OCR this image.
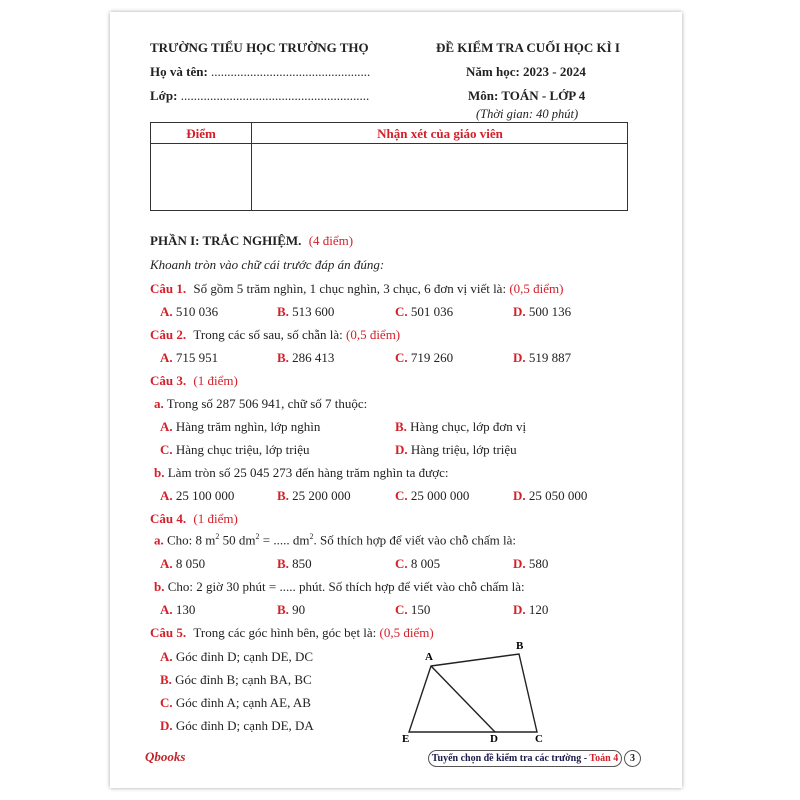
TRƯỜNG TIỂU HỌC TRƯỜNG THỌ
Họ và tên: .................................................
Lớp: ..........................................................
ĐỀ KIỂM TRA CUỐI HỌC KÌ I
Năm học: 2023 - 2024
Môn: TOÁN - LỚP 4
(Thời gian: 40 phút)
Điểm	Nhận xét của giáo viên
PHẦN I: TRẮC NGHIỆM. (4 điểm)
Khoanh tròn vào chữ cái trước đáp án đúng:
Câu 1. Số gồm 5 trăm nghìn, 1 chục nghìn, 3 chục, 6 đơn vị viết là: (0,5 điểm)
A. 510 036	B. 513 600	C. 501 036	D. 500 136
Câu 2. Trong các số sau, số chẵn là: (0,5 điểm)
A. 715 951	B. 286 413	C. 719 260	D. 519 887
Câu 3. (1 điểm)
a. Trong số 287 506 941, chữ số 7 thuộc:
A. Hàng trăm nghìn, lớp nghìn	B. Hàng chục, lớp đơn vị
C. Hàng chục triệu, lớp triệu	D. Hàng triệu, lớp triệu
b. Làm tròn số 25 045 273 đến hàng trăm nghìn ta được:
A. 25 100 000	B. 25 200 000	C. 25 000 000	D. 25 050 000
Câu 4. (1 điểm)
a. Cho: 8 $m^2$ 50 $dm^2$ = ..... $dm^2$. Số thích hợp để viết vào chỗ chấm là:
A. 8 050	B. 850	C. 8 005	D. 580
b. Cho: 2 giờ 30 phút = ..... phút. Số thích hợp để viết vào chỗ chấm là:
A. 130	B. 90	C. 150	D. 120
Câu 5. Trong các góc hình bên, góc bẹt là: (0,5 điểm)
A. Góc đỉnh D; cạnh DE, DC
B. Góc đỉnh B; cạnh BA, BC
C. Góc đỉnh A; cạnh AE, AB
D. Góc đỉnh D; cạnh DE, DA
A
B
C
D
E
Qbooks	Tuyển chọn đề kiểm tra các trường - Toán 4	3
